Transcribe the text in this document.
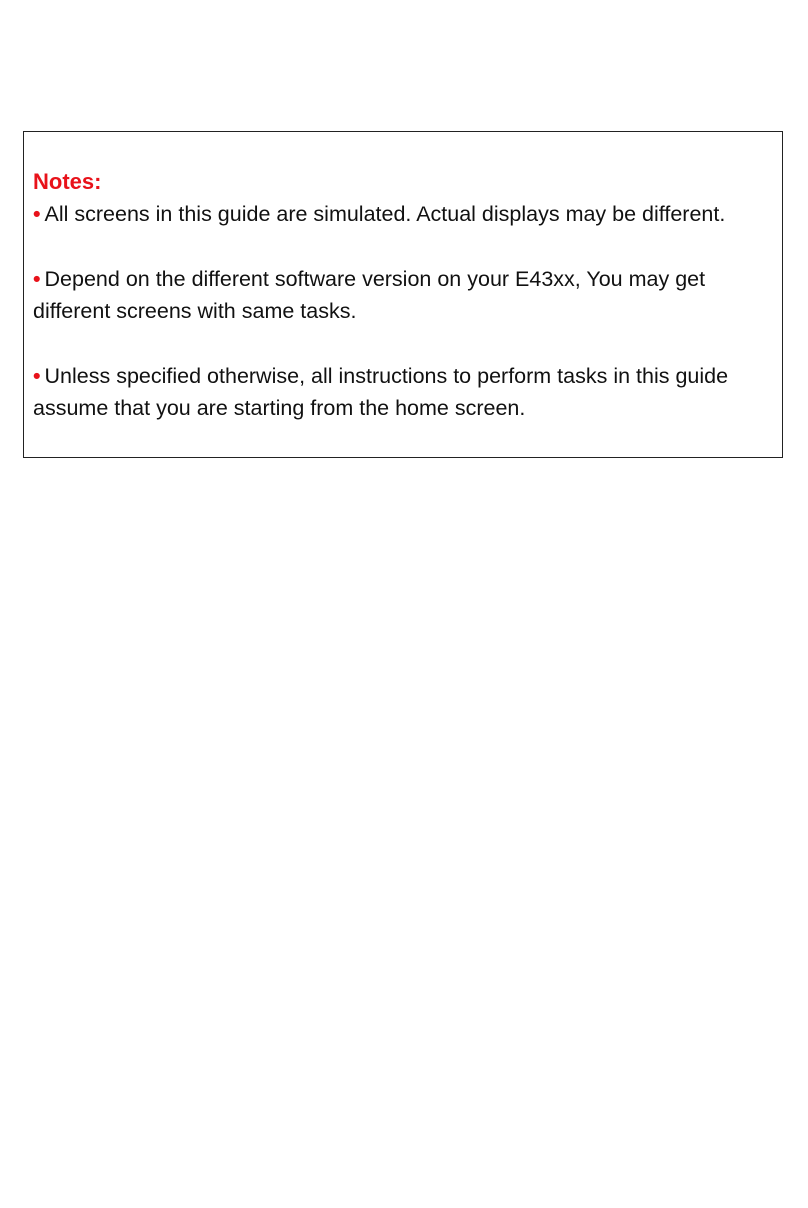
Notes:

• All screens in this guide are simulated. Actual displays may be different.

• Depend on the different software version on your E43xx, You may get different screens with same tasks.

• Unless specified otherwise, all instructions to perform tasks in this guide assume that you are starting from the home screen.
